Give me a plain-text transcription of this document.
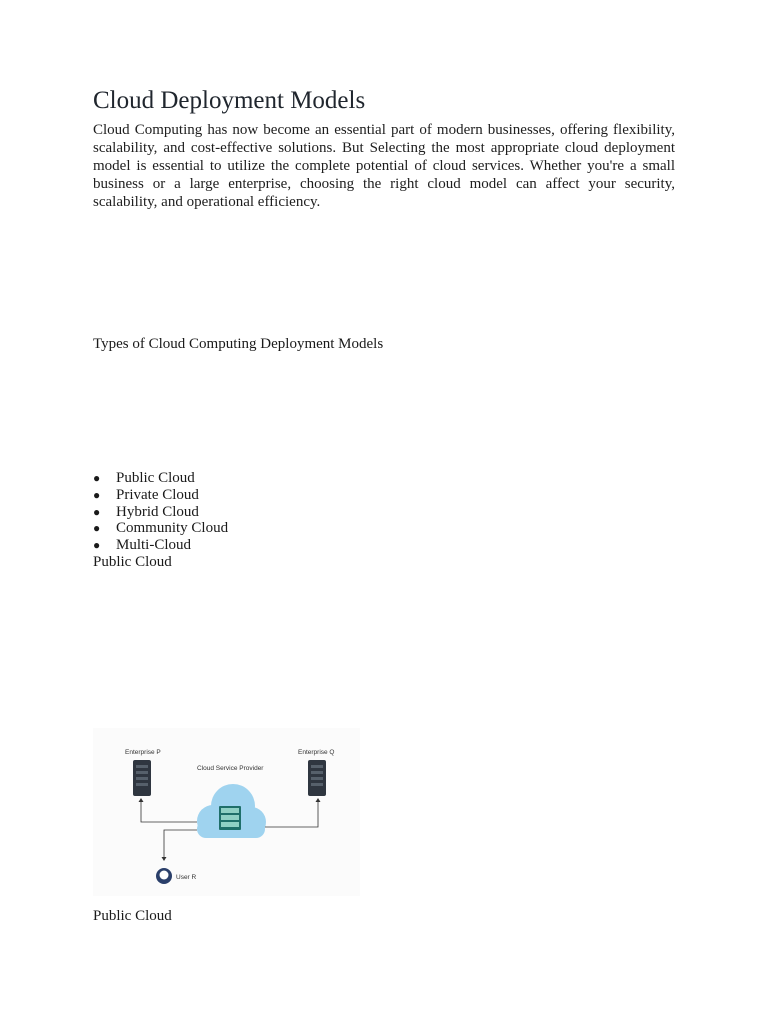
Cloud Deployment Models

Cloud Computing has now become an essential part of modern businesses, offering flexibility, scalability, and cost-effective solutions. But Selecting the most appropriate cloud deployment model is essential to utilize the complete potential of cloud services. Whether you're a small business or a large enterprise, choosing the right cloud model can affect your security, scalability, and operational efficiency.

Types of Cloud Computing Deployment Models

● Public Cloud
● Private Cloud
● Hybrid Cloud
● Community Cloud
● Multi-Cloud

Public Cloud

Enterprise P	Enterprise Q
Cloud Service Provider
User R

Public Cloud
